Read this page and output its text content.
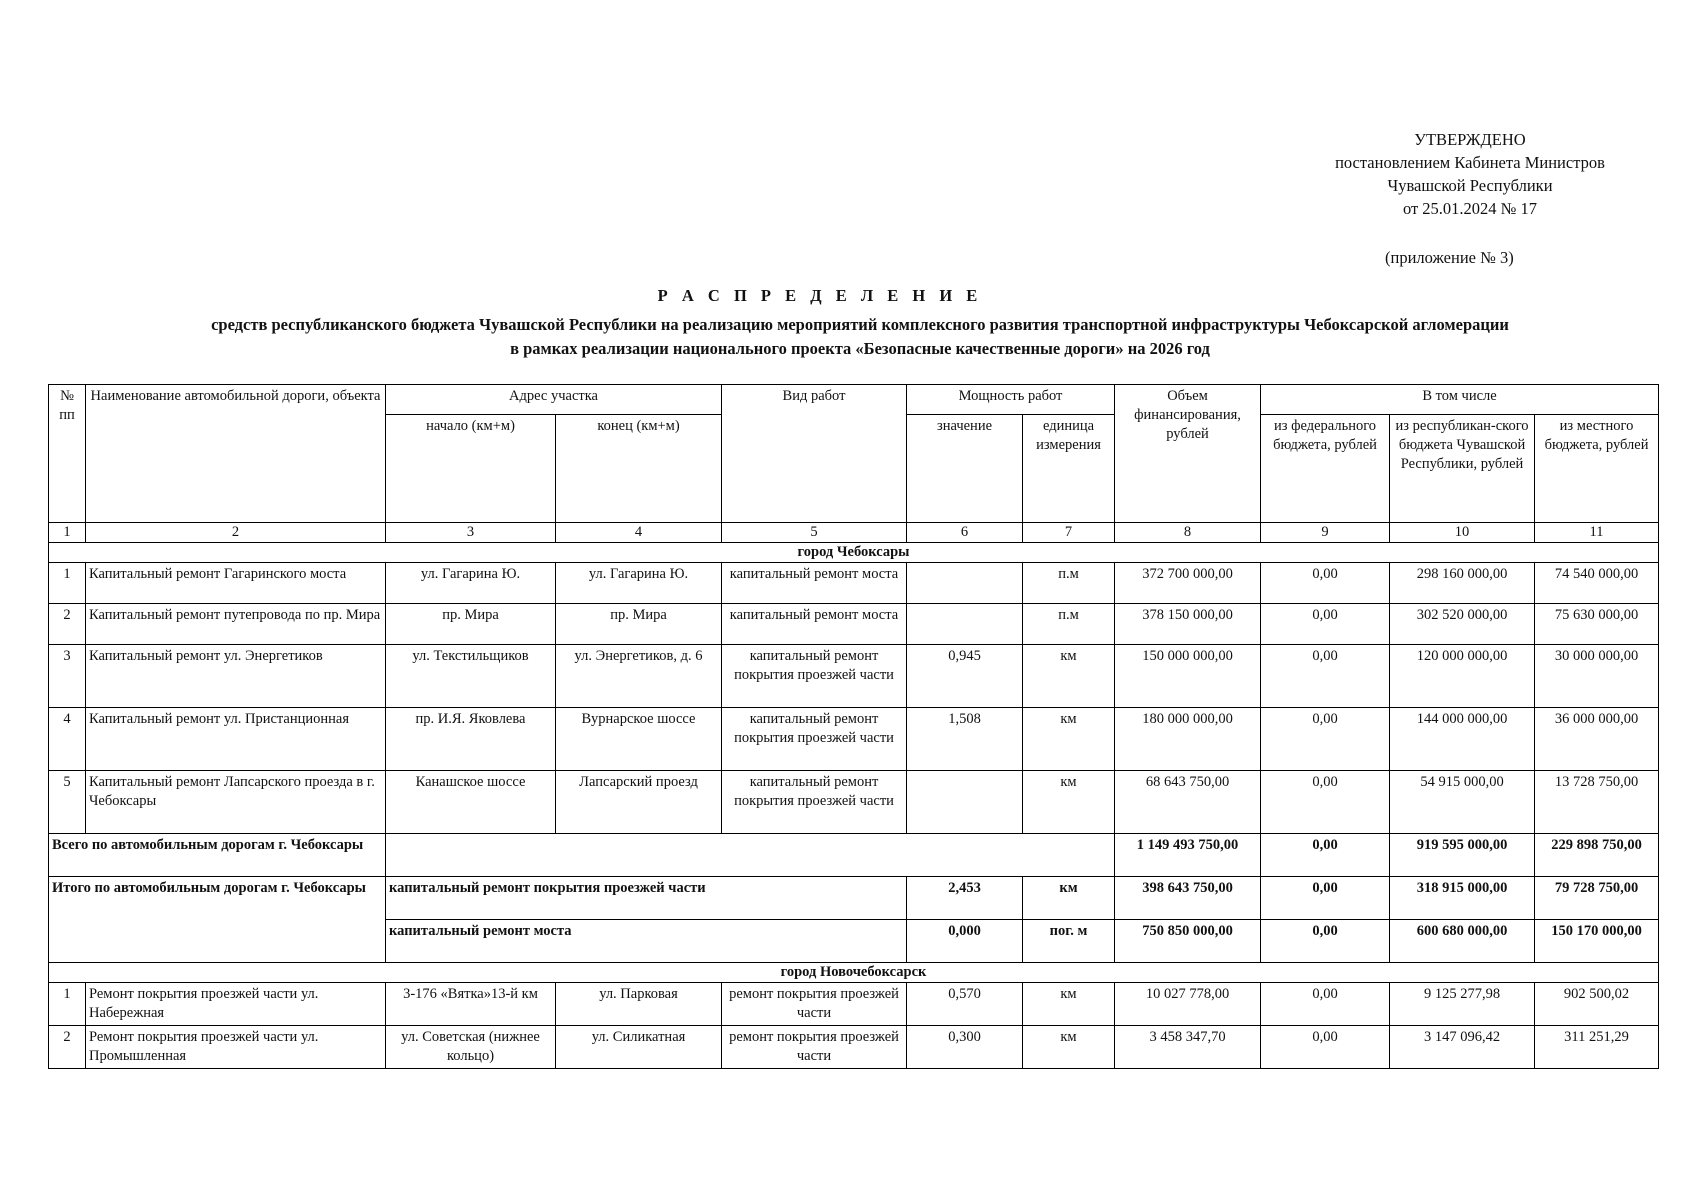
УТВЕРЖДЕНО
постановлением Кабинета Министров
Чувашской Республики
от 25.01.2024 № 17
(приложение № 3)
Р А С П Р Е Д Е Л Е Н И Е
средств республиканского бюджета Чувашской Республики на реализацию мероприятий комплексного развития транспортной инфраструктуры Чебоксарской агломерации
в рамках реализации национального проекта «Безопасные качественные дороги» на 2026 год
№ пп	Наименование автомобильной дороги, объекта	Адрес участка		Вид работ	Мощность работ		Объем финансирования, рублей	В том числе		
		начало (км+м)	конец (км+м)		значение	единица измерения		из федерального бюджета, рублей	из республикан-ского бюджета Чувашской Республики, рублей	из местного бюджета, рублей
1	2	3	4	5	6	7	8	9	10	11
город Чебоксары										
1	Капитальный ремонт Гагаринского моста	ул. Гагарина Ю.	ул. Гагарина Ю.	капитальный ремонт моста		п.м	372 700 000,00	0,00	298 160 000,00	74 540 000,00
2	Капитальный ремонт путепровода по пр. Мира	пр. Мира	пр. Мира	капитальный ремонт моста		п.м	378 150 000,00	0,00	302 520 000,00	75 630 000,00
3	Капитальный ремонт ул. Энергетиков	ул. Текстильщиков	ул. Энергетиков, д. 6	капитальный ремонт покрытия проезжей части	0,945	км	150 000 000,00	0,00	120 000 000,00	30 000 000,00
4	Капитальный ремонт ул. Пристанционная	пр. И.Я. Яковлева	Вурнарское шоссе	капитальный ремонт покрытия проезжей части	1,508	км	180 000 000,00	0,00	144 000 000,00	36 000 000,00
5	Капитальный ремонт Лапсарского проезда в г. Чебоксары	Канашское шоссе	Лапсарский проезд	капитальный ремонт покрытия проезжей части		км	68 643 750,00	0,00	54 915 000,00	13 728 750,00
Всего по автомобильным дорогам г. Чебоксары							1 149 493 750,00	0,00	919 595 000,00	229 898 750,00
Итого по автомобильным дорогам г. Чебоксары		капитальный ремонт покрытия проезжей части			2,453	км	398 643 750,00	0,00	318 915 000,00	79 728 750,00
		капитальный ремонт моста			0,000	пог. м	750 850 000,00	0,00	600 680 000,00	150 170 000,00
город Новочебоксарск										
1	Ремонт покрытия проезжей части ул. Набережная	3-176 «Вятка»13-й км	ул. Парковая	ремонт покрытия проезжей части	0,570	км	10 027 778,00	0,00	9 125 277,98	902 500,02
2	Ремонт покрытия проезжей части ул. Промышленная	ул. Советская (нижнее кольцо)	ул. Силикатная	ремонт покрытия проезжей части	0,300	км	3 458 347,70	0,00	3 147 096,42	311 251,29
